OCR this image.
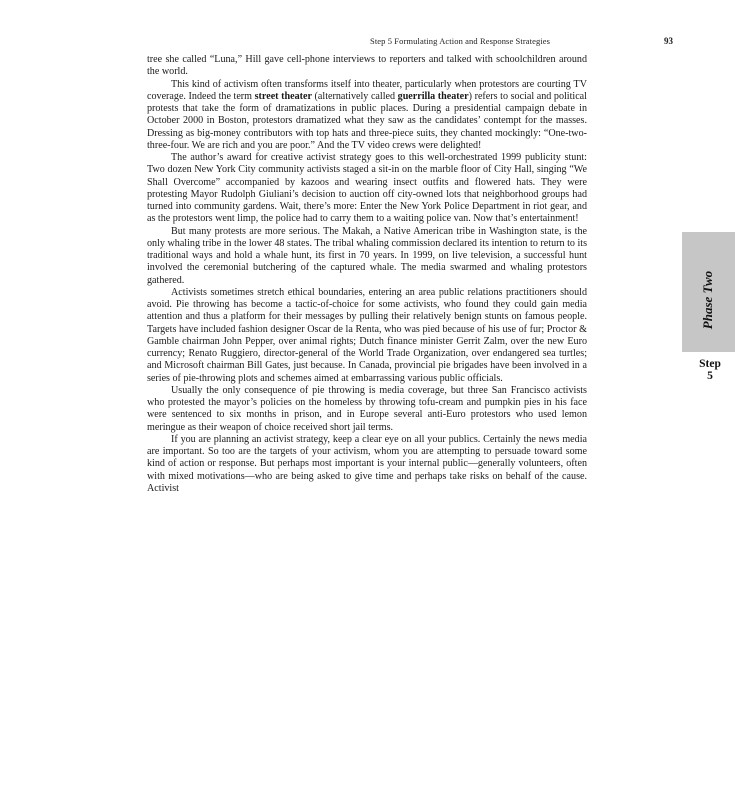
Step 5 Formulating Action and Response Strategies	93

tree she called “Luna,” Hill gave cell-phone interviews to reporters and talked with schoolchildren around the world.

This kind of activism often transforms itself into theater, particularly when protestors are courting TV coverage. Indeed the term street theater (alternatively called guerrilla theater) refers to social and political protests that take the form of dramatizations in public places. During a presidential campaign debate in October 2000 in Boston, protestors dramatized what they saw as the candidates’ contempt for the masses. Dressing as big-money contributors with top hats and three-piece suits, they chanted mockingly: “One-two-three-four. We are rich and you are poor.” And the TV video crews were delighted!

The author’s award for creative activist strategy goes to this well-orchestrated 1999 publicity stunt: Two dozen New York City community activists staged a sit-in on the marble floor of City Hall, singing “We Shall Overcome” accompanied by kazoos and wearing insect outfits and flowered hats. They were protesting Mayor Rudolph Giuliani’s decision to auction off city-owned lots that neighborhood groups had turned into community gardens. Wait, there’s more: Enter the New York Police Department in riot gear, and as the protestors went limp, the police had to carry them to a waiting police van. Now that’s entertainment!

But many protests are more serious. The Makah, a Native American tribe in Washington state, is the only whaling tribe in the lower 48 states. The tribal whaling commission declared its intention to return to its traditional ways and hold a whale hunt, its first in 70 years. In 1999, on live television, a successful hunt involved the ceremonial butchering of the captured whale. The media swarmed and whaling protestors gathered.

Activists sometimes stretch ethical boundaries, entering an area public relations practitioners should avoid. Pie throwing has become a tactic-of-choice for some activists, who found they could gain media attention and thus a platform for their messages by pulling their relatively benign stunts on famous people. Targets have included fashion designer Oscar de la Renta, who was pied because of his use of fur; Proctor & Gamble chairman John Pepper, over animal rights; Dutch finance minister Gerrit Zalm, over the new Euro currency; Renato Ruggiero, director-general of the World Trade Organization, over endangered sea turtles; and Microsoft chairman Bill Gates, just because. In Canada, provincial pie brigades have been involved in a series of pie-throwing plots and schemes aimed at embarrassing various public officials.

Usually the only consequence of pie throwing is media coverage, but three San Francisco activists who protested the mayor’s policies on the homeless by throwing tofu-cream and pumpkin pies in his face were sentenced to six months in prison, and in Europe several anti-Euro protestors who used lemon meringue as their weapon of choice received short jail terms.

If you are planning an activist strategy, keep a clear eye on all your publics. Certainly the news media are important. So too are the targets of your activism, whom you are attempting to persuade toward some kind of action or response. But perhaps most important is your internal public—generally volunteers, often with mixed motivations—who are being asked to give time and perhaps take risks on behalf of the cause. Activist

Phase Two
Step
5
